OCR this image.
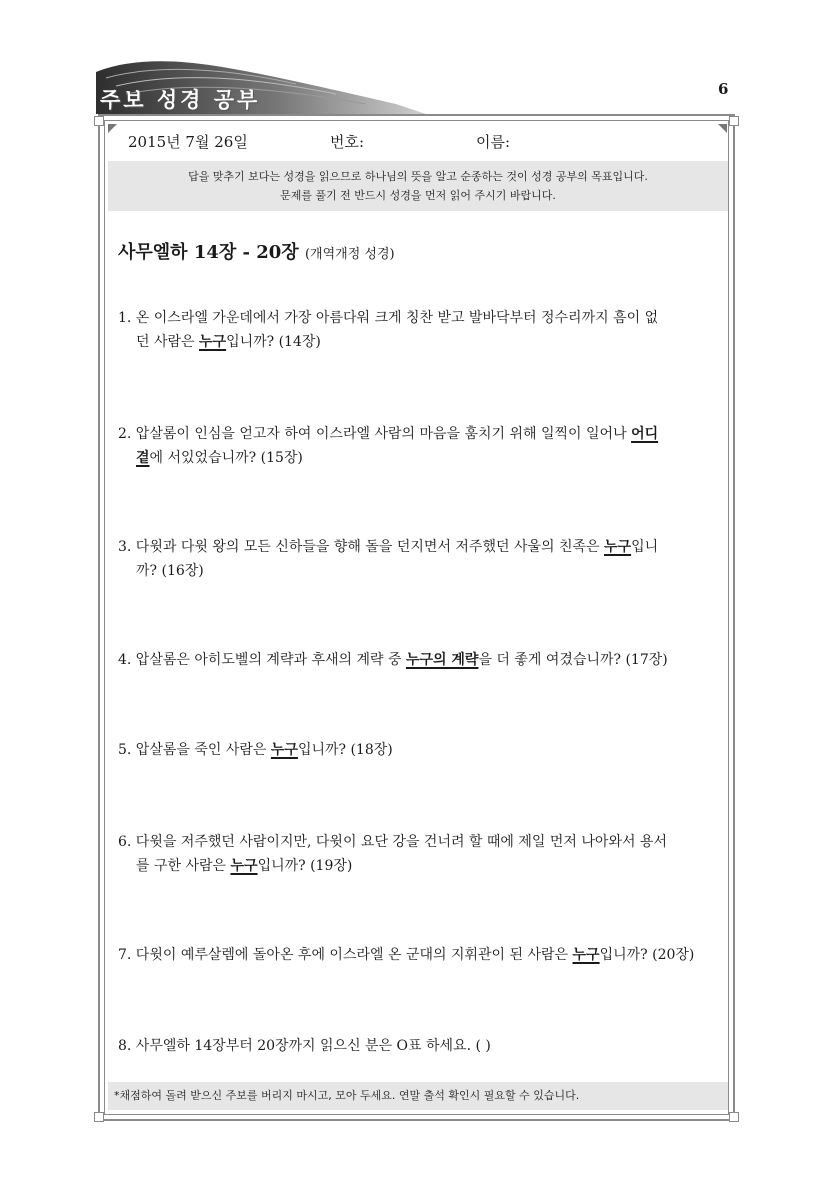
주보 성경 공부	6
2015년 7월 26일	번호:	이름:
답을 맞추기 보다는 성경을 읽으므로 하나님의 뜻을 알고 순종하는 것이 성경 공부의 목표입니다.
문제를 풀기 전 반드시 성경을 먼저 읽어 주시기 바랍니다.
사무엘하 14장 - 20장 (개역개정 성경)
1. 온 이스라엘 가운데에서 가장 아름다워 크게 칭찬 받고 발바닥부터 정수리까지 흠이 없
던 사람은 누구입니까? (14장)
2. 압살롬이 인심을 얻고자 하여 이스라엘 사람의 마음을 훔치기 위해 일찍이 일어나 어디
곁에 서있었습니까? (15장)
3. 다윗과 다윗 왕의 모든 신하들을 향해 돌을 던지면서 저주했던 사울의 친족은 누구입니
까? (16장)
4. 압살롬은 아히도벨의 계략과 후새의 계략 중 누구의 계략을 더 좋게 여겼습니까? (17장)
5. 압살롬을 죽인 사람은 누구입니까? (18장)
6. 다윗을 저주했던 사람이지만, 다윗이 요단 강을 건너려 할 때에 제일 먼저 나아와서 용서
를 구한 사람은 누구입니까? (19장)
7. 다윗이 예루살렘에 돌아온 후에 이스라엘 온 군대의 지휘관이 된 사람은 누구입니까? (20장)
8. 사무엘하 14장부터 20장까지 읽으신 분은 O표 하세요. ( )
*채점하여 돌려 받으신 주보를 버리지 마시고, 모아 두세요. 연말 출석 확인시 필요할 수 있습니다.
